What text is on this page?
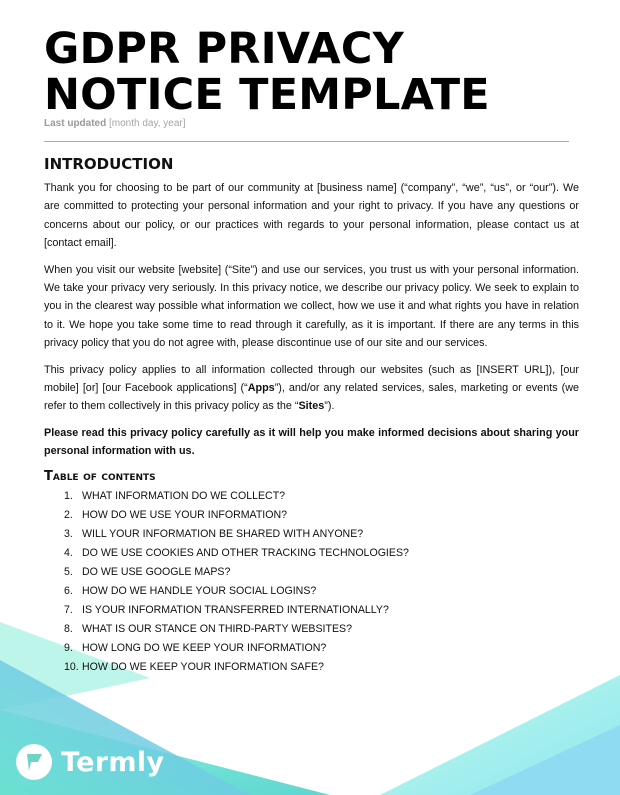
GDPR PRIVACY
NOTICE TEMPLATE
Last updated [month day, year]
INTRODUCTION

Thank you for choosing to be part of our community at [business name] (“company”, “we”, “us”, or “our”). We are committed to protecting your personal information and your right to privacy. If you have any questions or concerns about our policy, or our practices with regards to your personal information, please contact us at [contact email].

When you visit our website [website] (“Site”) and use our services, you trust us with your personal information. We take your privacy very seriously. In this privacy notice, we describe our privacy policy. We seek to explain to you in the clearest way possible what information we collect, how we use it and what rights you have in relation to it. We hope you take some time to read through it carefully, as it is important. If there are any terms in this privacy policy that you do not agree with, please discontinue use of our site and our services.

This privacy policy applies to all information collected through our websites (such as [INSERT URL]), [our mobile] [or] [our Facebook applications] (“Apps”), and/or any related services, sales, marketing or events (we refer to them collectively in this privacy policy as the “Sites”).

Please read this privacy policy carefully as it will help you make informed decisions about sharing your personal information with us.

Table of contents
1. WHAT INFORMATION DO WE COLLECT?
2. HOW DO WE USE YOUR INFORMATION?
3. WILL YOUR INFORMATION BE SHARED WITH ANYONE?
4. DO WE USE COOKIES AND OTHER TRACKING TECHNOLOGIES?
5. DO WE USE GOOGLE MAPS?
6. HOW DO WE HANDLE YOUR SOCIAL LOGINS?
7. IS YOUR INFORMATION TRANSFERRED INTERNATIONALLY?
8. WHAT IS OUR STANCE ON THIRD-PARTY WEBSITES?
9. HOW LONG DO WE KEEP YOUR INFORMATION?
10. HOW DO WE KEEP YOUR INFORMATION SAFE?
Termly
